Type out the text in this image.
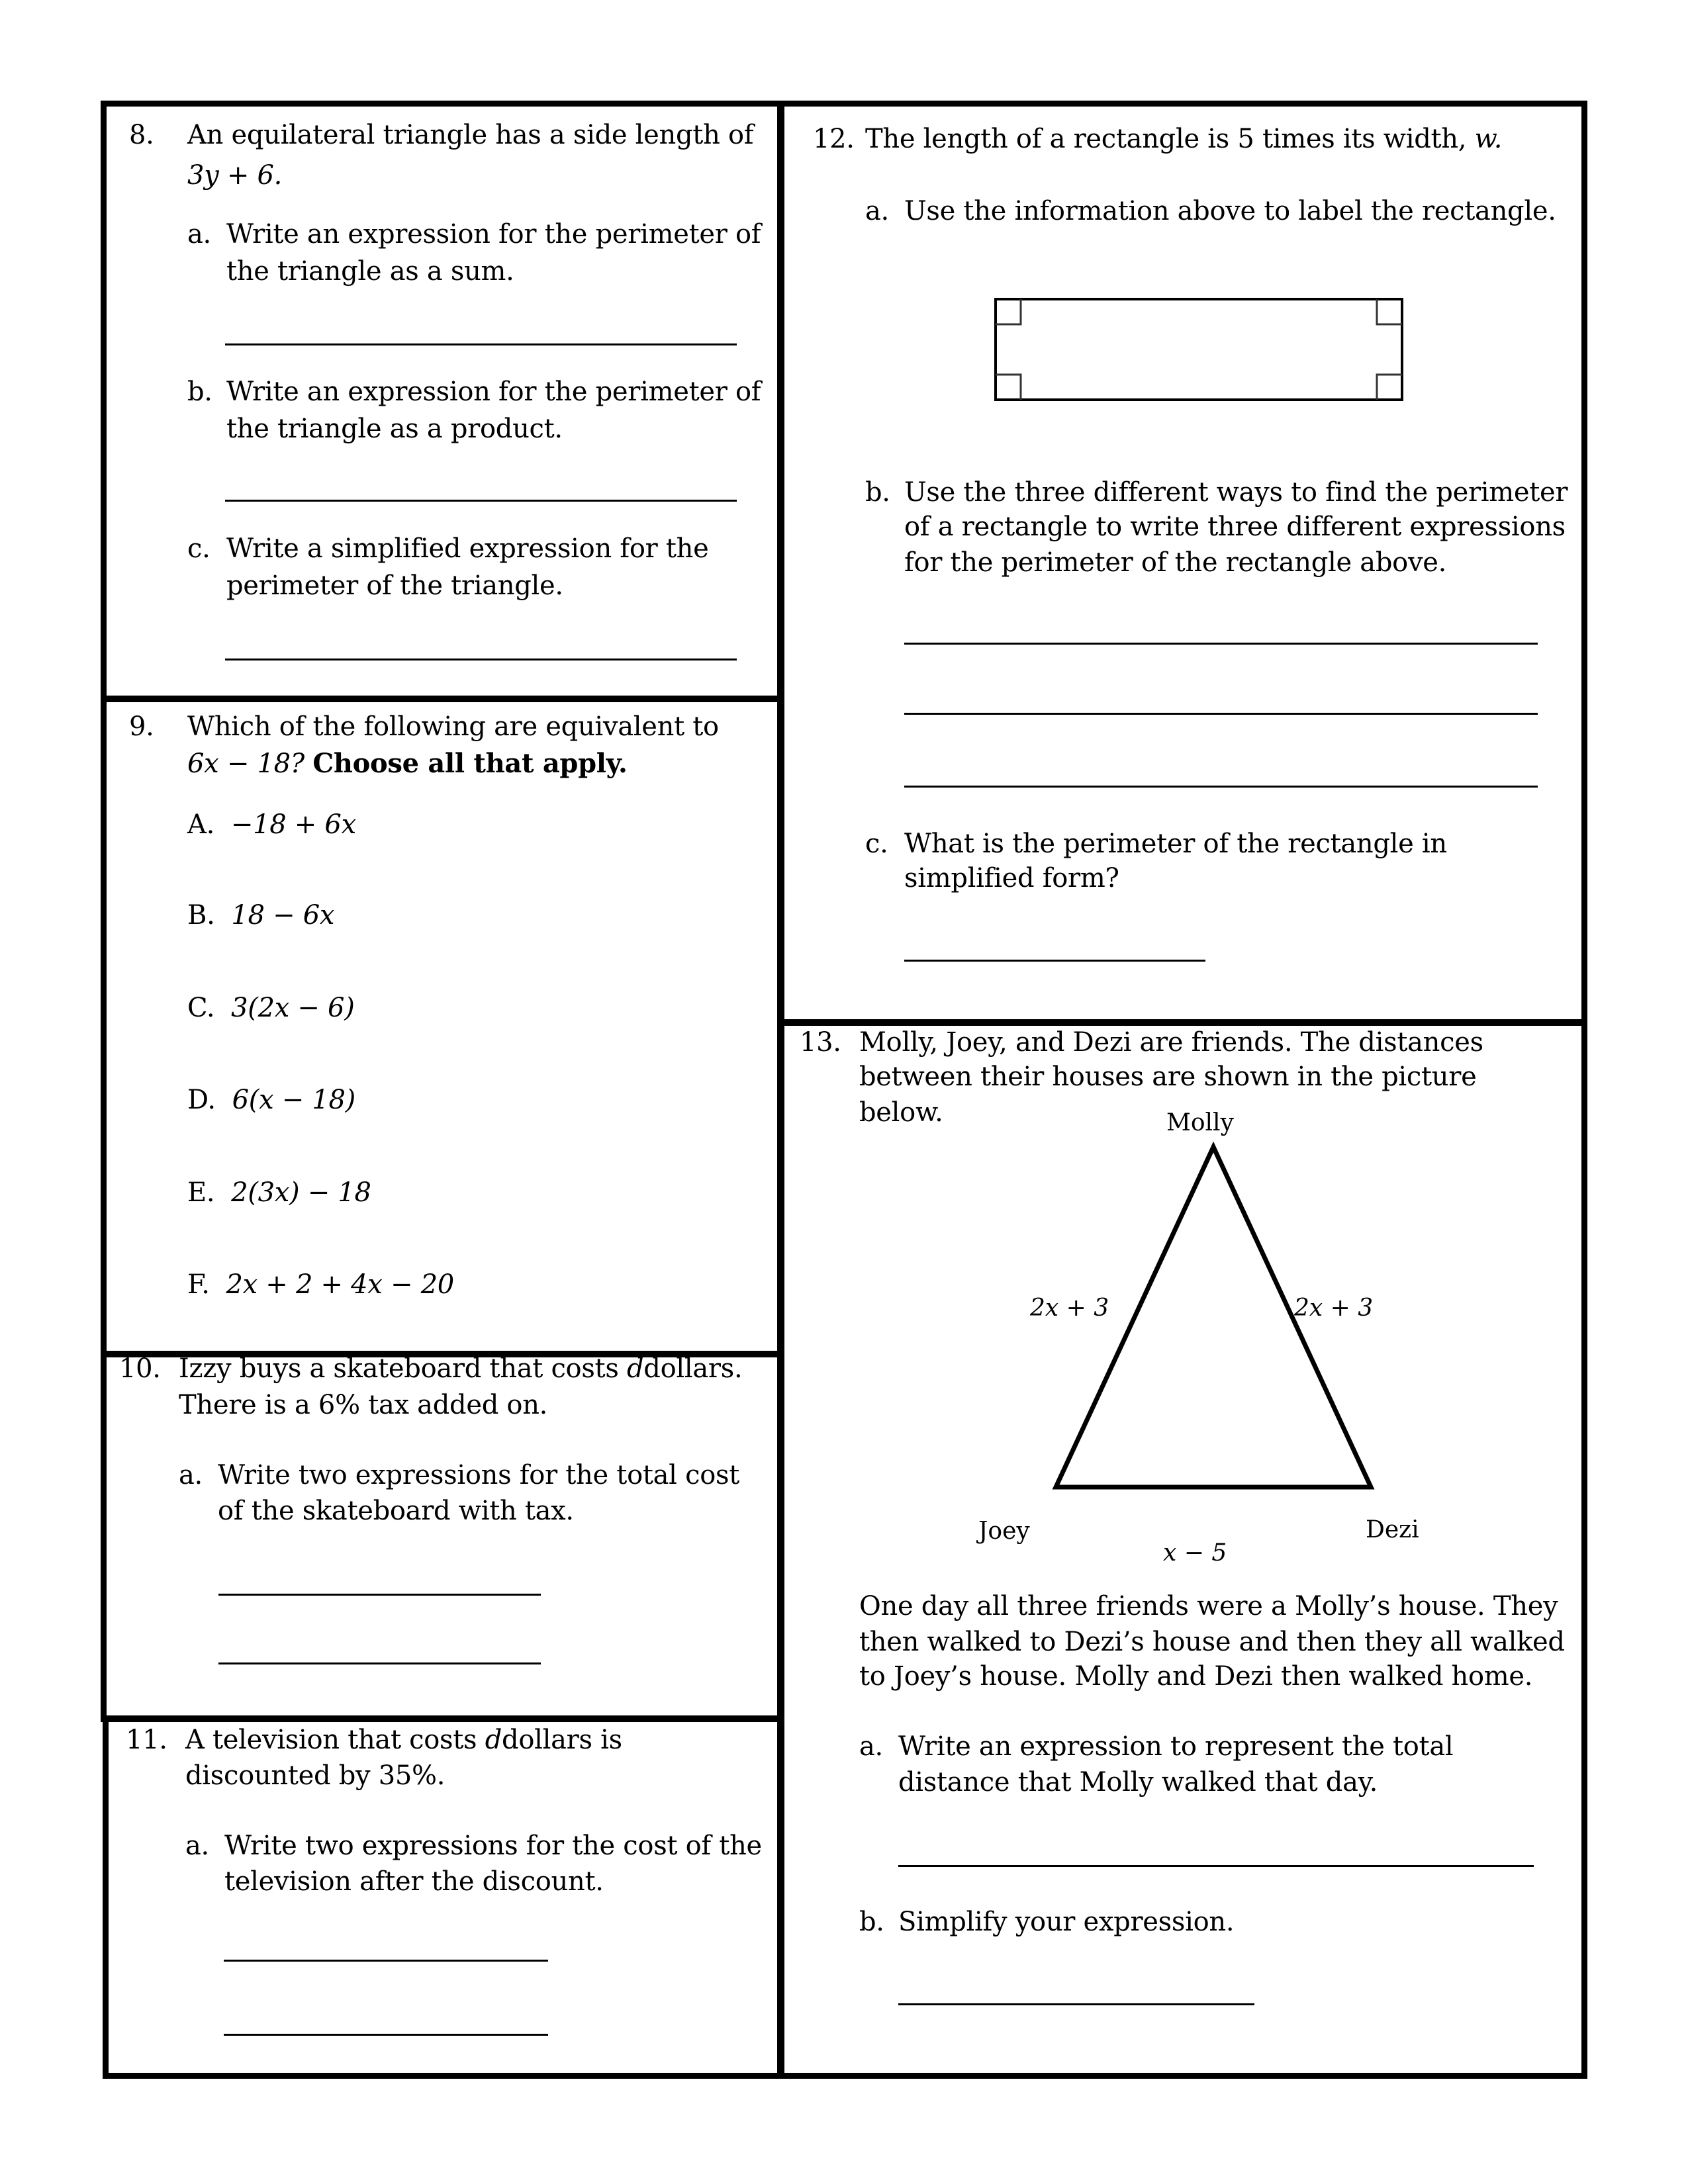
8. An equilateral triangle has a side length of
3y + 6.
a. Write an expression for the perimeter of
the triangle as a sum.
b. Write an expression for the perimeter of
the triangle as a product.
c. Write a simplified expression for the
perimeter of the triangle.
9. Which of the following are equivalent to
6x − 18? Choose all that apply.
A. −18 + 6x
B. 18 − 6x
C. 3(2x − 6)
D. 6(x − 18)
E. 2(3x) − 18
F. 2x + 2 + 4x − 20
10. Izzy buys a skateboard that costs ddollars.
There is a 6% tax added on.
a. Write two expressions for the total cost
of the skateboard with tax.
11. A television that costs ddollars is
discounted by 35%.
a. Write two expressions for the cost of the
television after the discount.
12. The length of a rectangle is 5 times its width, w.
a. Use the information above to label the rectangle.
b. Use the three different ways to find the perimeter
of a rectangle to write three different expressions
for the perimeter of the rectangle above.
c. What is the perimeter of the rectangle in
simplified form?
13. Molly, Joey, and Dezi are friends. The distances
between their houses are shown in the picture
below.	Molly
Joey	Dezi
2x + 3	2x + 3
x − 5
One day all three friends were a Molly’s house. They
then walked to Dezi’s house and then they all walked
to Joey’s house. Molly and Dezi then walked home.
a. Write an expression to represent the total
distance that Molly walked that day.
b. Simplify your expression.
